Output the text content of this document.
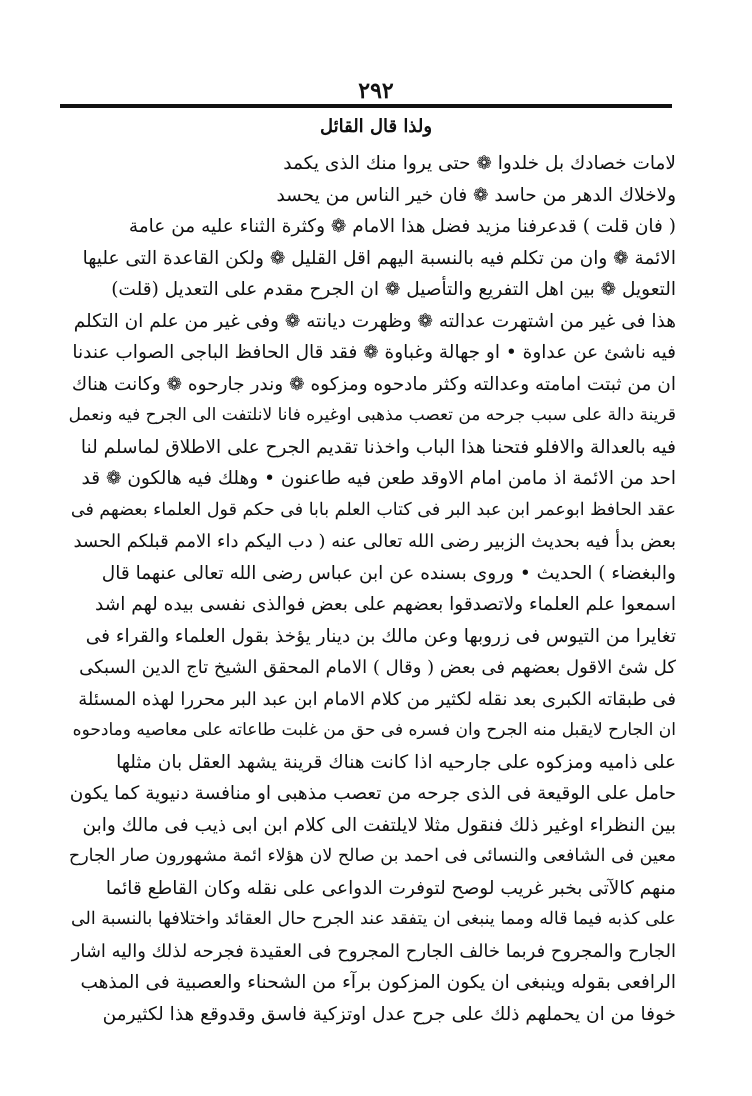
٢٩٢
ولذا قال القائل
لامات خصادك بل خلدوا ❁ حتى يروا منك الذى يكمد
ولاخلاك الدهر من حاسد ❁ فان خير الناس من يحسد
( فان قلت ) قدعرفنا مزيد فضل هذا الامام ❁ وكثرة الثناء عليه من عامة
الائمة ❁ وان من تكلم فيه بالنسبة اليهم اقل القليل ❁ ولكن القاعدة التى عليها
التعويل ❁ بين اهل التفريع والتأصيل ❁ ان الجرح مقدم على التعديل (قلت)
هذا فى غير من اشتهرت عدالته ❁ وظهرت ديانته ❁ وفى غير من علم ان التكلم
فيه ناشئ عن عداوة • او جهالة وغباوة ❁ فقد قال الحافظ الباجى الصواب عندنا
ان من ثبتت امامته وعدالته وكثر مادحوه ومزكوه ❁ وندر جارحوه ❁ وكانت هناك
قرينة دالة على سبب جرحه من تعصب مذهبى اوغيره فانا لانلتفت الى الجرح فيه ونعمل
فيه بالعدالة والافلو فتحنا هذا الباب واخذنا تقديم الجرح على الاطلاق لماسلم لنا
احد من الائمة اذ مامن امام الاوقد طعن فيه طاعنون • وهلك فيه هالكون ❁ قد
عقد الحافظ ابوعمر ابن عبد البر فى كتاب العلم بابا فى حكم قول العلماء بعضهم فى
بعض بدأ فيه بحديث الزبير رضى الله تعالى عنه ( دب اليكم داء الامم قبلكم الحسد
والبغضاء ) الحديث • وروى بسنده عن ابن عباس رضى الله تعالى عنهما قال
اسمعوا علم العلماء ولاتصدقوا بعضهم على بعض فوالذى نفسى بيده لهم اشد
تغايرا من التيوس فى زروبها وعن مالك بن دينار يؤخذ بقول العلماء والقراء فى
كل شئ الاقول بعضهم فى بعض ( وقال ) الامام المحقق الشيخ تاج الدين السبكى
فى طبقاته الكبرى بعد نقله لكثير من كلام الامام ابن عبد البر محررا لهذه المسئلة
ان الجارح لايقبل منه الجرح وان فسره فى حق من غلبت طاعاته على معاصيه ومادحوه
على ذاميه ومزكوه على جارحيه اذا كانت هناك قرينة يشهد العقل بان مثلها
حامل على الوقيعة فى الذى جرحه من تعصب مذهبى او منافسة دنيوية كما يكون
بين النظراء اوغير ذلك فنقول مثلا لايلتفت الى كلام ابن ابى ذيب فى مالك وابن
معين فى الشافعى والنسائى فى احمد بن صالح لان هؤلاء ائمة مشهورون صار الجارح
منهم كالآتى بخبر غريب لوصح لتوفرت الدواعى على نقله وكان القاطع قائما
على كذبه فيما قاله ومما ينبغى ان يتفقد عند الجرح حال العقائد واختلافها بالنسبة الى
الجارح والمجروح فربما خالف الجارح المجروح فى العقيدة فجرحه لذلك واليه اشار
الرافعى بقوله وينبغى ان يكون المزكون برآء من الشحناء والعصبية فى المذهب
خوفا من ان يحملهم ذلك على جرح عدل اوتزكية فاسق وقدوقع هذا لكثيرمن
